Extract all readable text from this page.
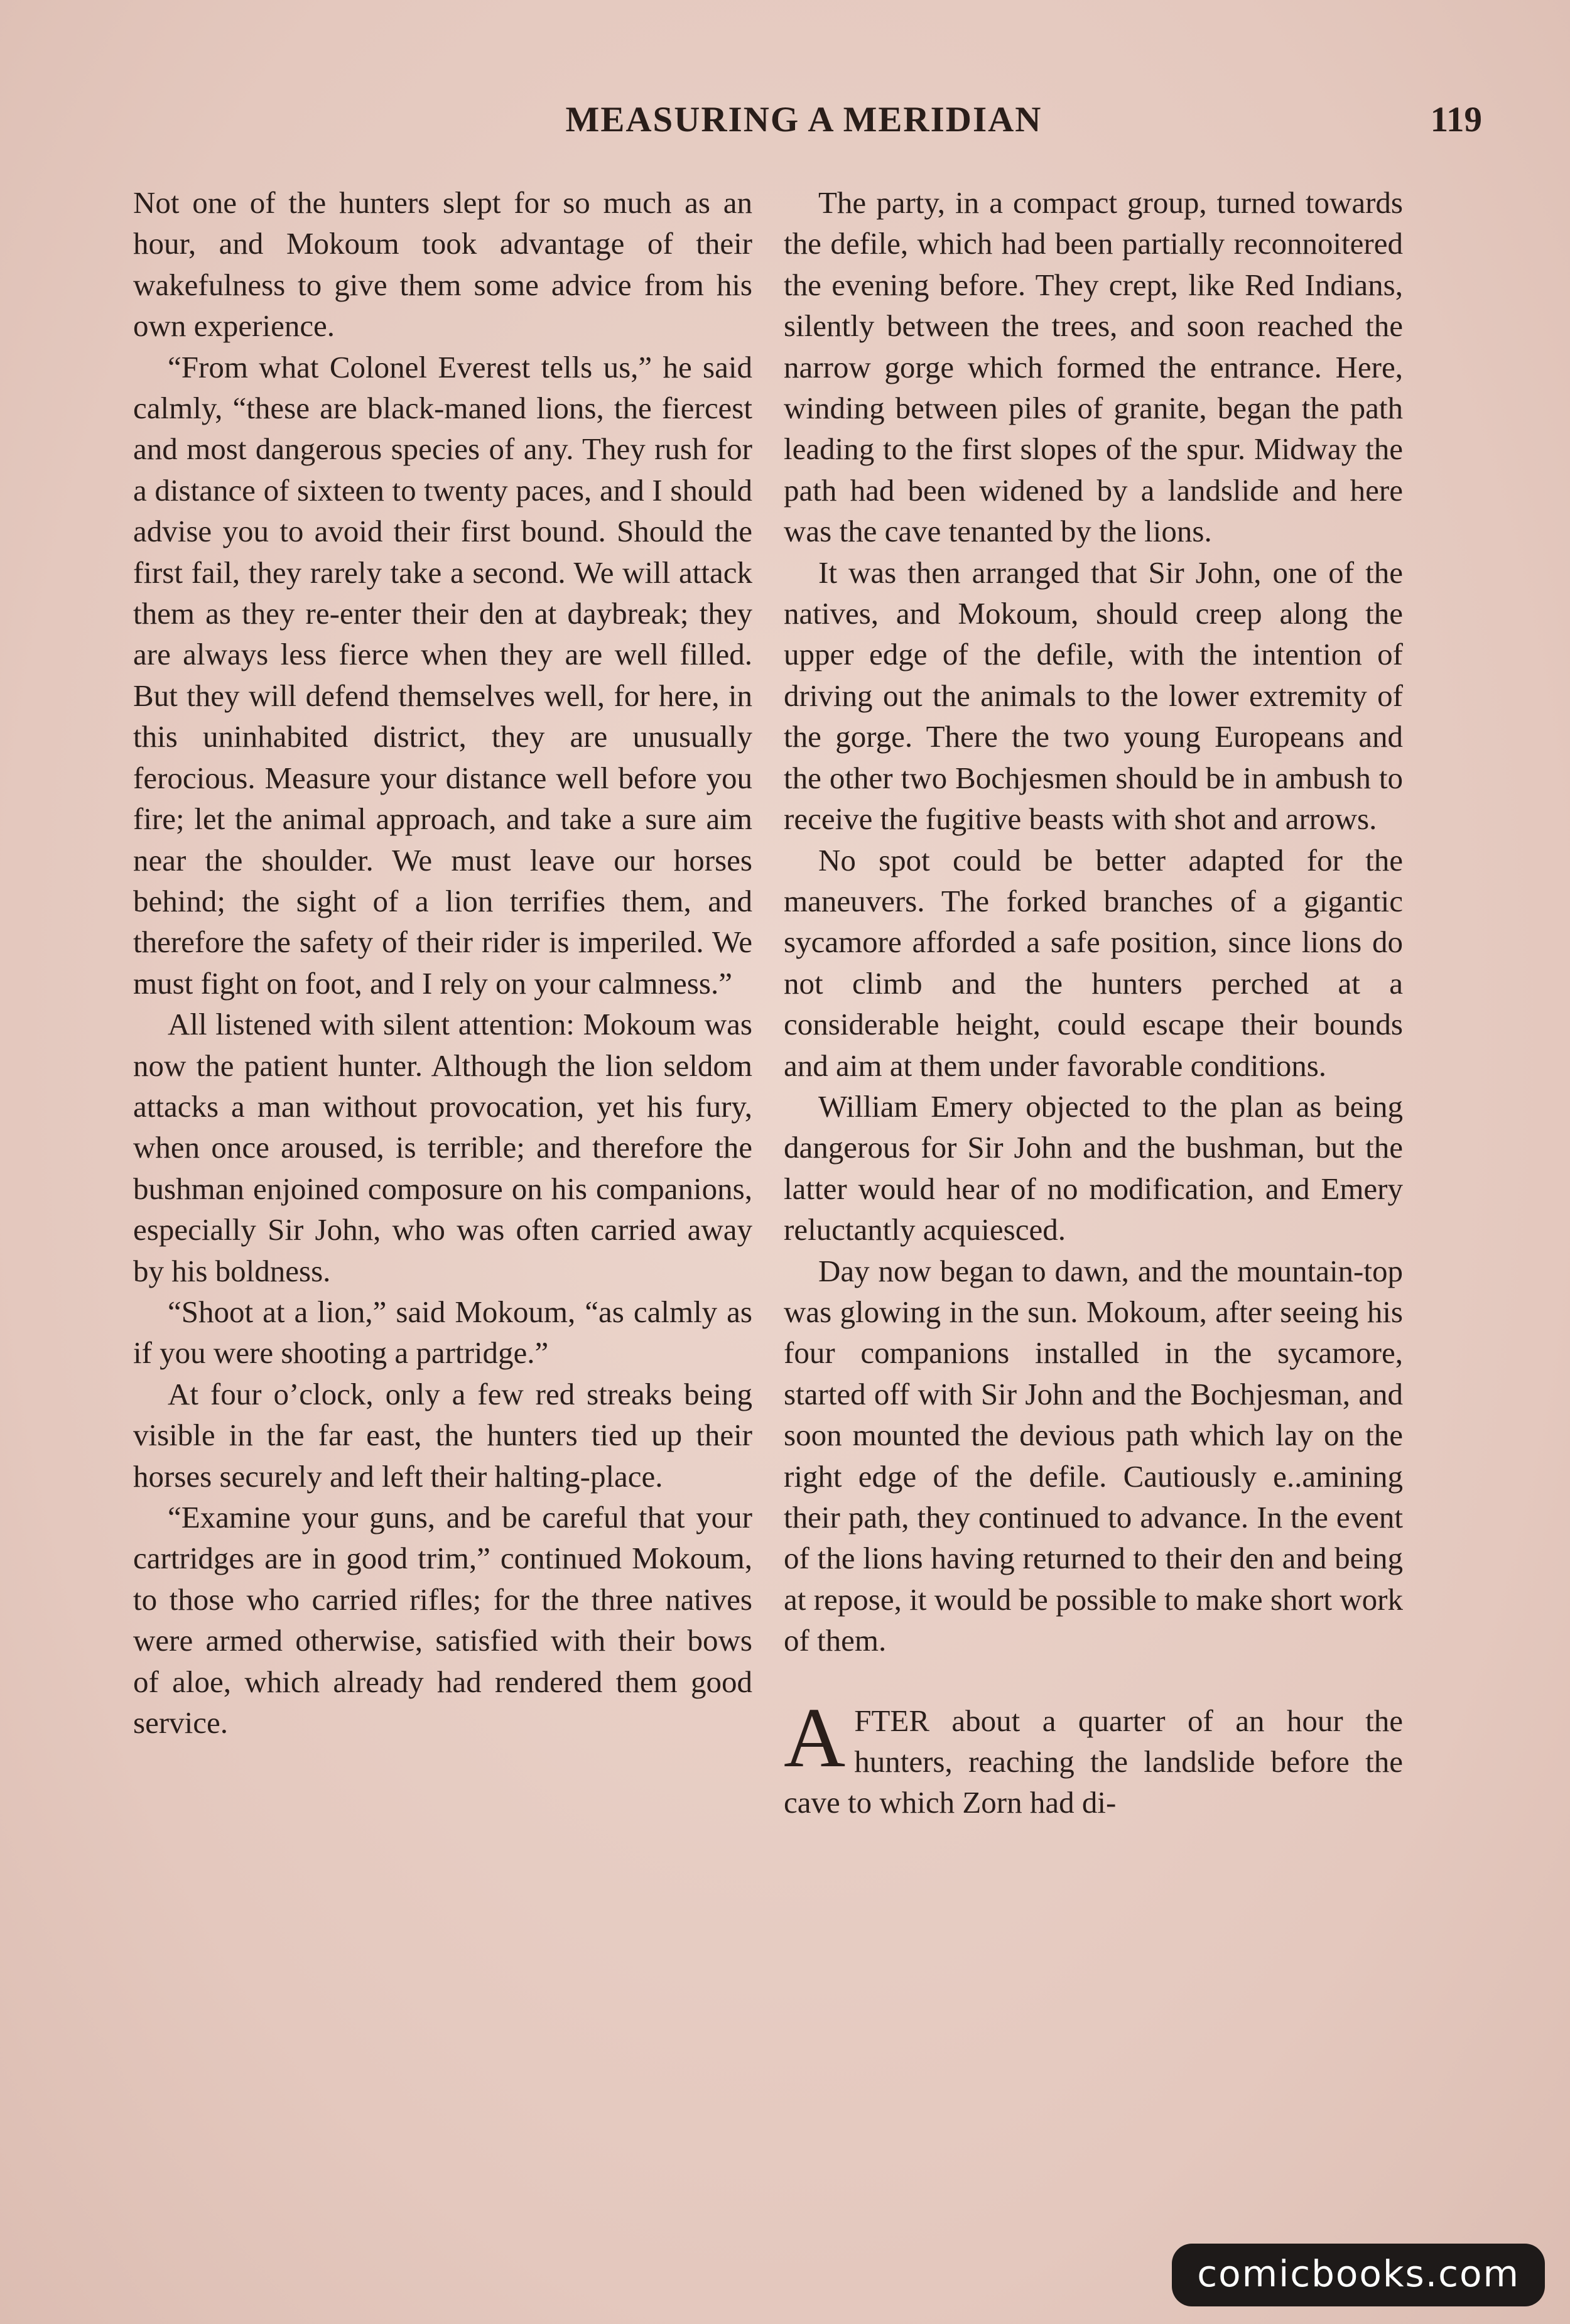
MEASURING A MERIDIAN	119

Not one of the hunters slept for so much as an hour, and Mokoum took advantage of their wakefulness to give them some advice from his own experience.

“From what Colonel Everest tells us,” he said calmly, “these are black-maned lions, the fiercest and most dangerous species of any. They rush for a distance of sixteen to twenty paces, and I should advise you to avoid their first bound. Should the first fail, they rarely take a second. We will attack them as they re-enter their den at daybreak; they are always less fierce when they are well filled. But they will defend themselves well, for here, in this uninhabited district, they are unusually ferocious. Measure your distance well before you fire; let the animal approach, and take a sure aim near the shoulder. We must leave our horses behind; the sight of a lion terrifies them, and therefore the safety of their rider is imperiled. We must fight on foot, and I rely on your calmness.”

All listened with silent attention: Mokoum was now the patient hunter. Although the lion seldom attacks a man without provocation, yet his fury, when once aroused, is terrible; and therefore the bushman enjoined composure on his companions, especially Sir John, who was often carried away by his boldness.

“Shoot at a lion,” said Mokoum, “as calmly as if you were shooting a partridge.”

At four o’clock, only a few red streaks being visible in the far east, the hunters tied up their horses securely and left their halting-place.

“Examine your guns, and be careful that your cartridges are in good trim,” continued Mokoum, to those who carried rifles; for the three natives were armed otherwise, satisfied with their bows of aloe, which already had rendered them good service.

The party, in a compact group, turned towards the defile, which had been partially reconnoitered the evening before. They crept, like Red Indians, silently between the trees, and soon reached the narrow gorge which formed the entrance. Here, winding between piles of granite, began the path leading to the first slopes of the spur. Midway the path had been widened by a landslide and here was the cave tenanted by the lions.

It was then arranged that Sir John, one of the natives, and Mokoum, should creep along the upper edge of the defile, with the intention of driving out the animals to the lower extremity of the gorge. There the two young Europeans and the other two Bochjesmen should be in ambush to receive the fugitive beasts with shot and arrows.

No spot could be better adapted for the maneuvers. The forked branches of a gigantic sycamore afforded a safe position, since lions do not climb and the hunters perched at a considerable height, could escape their bounds and aim at them under favorable conditions.

William Emery objected to the plan as being dangerous for Sir John and the bushman, but the latter would hear of no modification, and Emery reluctantly acquiesced.

Day now began to dawn, and the mountain-top was glowing in the sun. Mokoum, after seeing his four companions installed in the sycamore, started off with Sir John and the Bochjesman, and soon mounted the devious path which lay on the right edge of the defile. Cautiously e..amining their path, they continued to advance. In the event of the lions having returned to their den and being at repose, it would be possible to make short work of them.

AFTER about a quarter of an hour the hunters, reaching the landslide before the cave to which Zorn had di-

comicbooks.com
